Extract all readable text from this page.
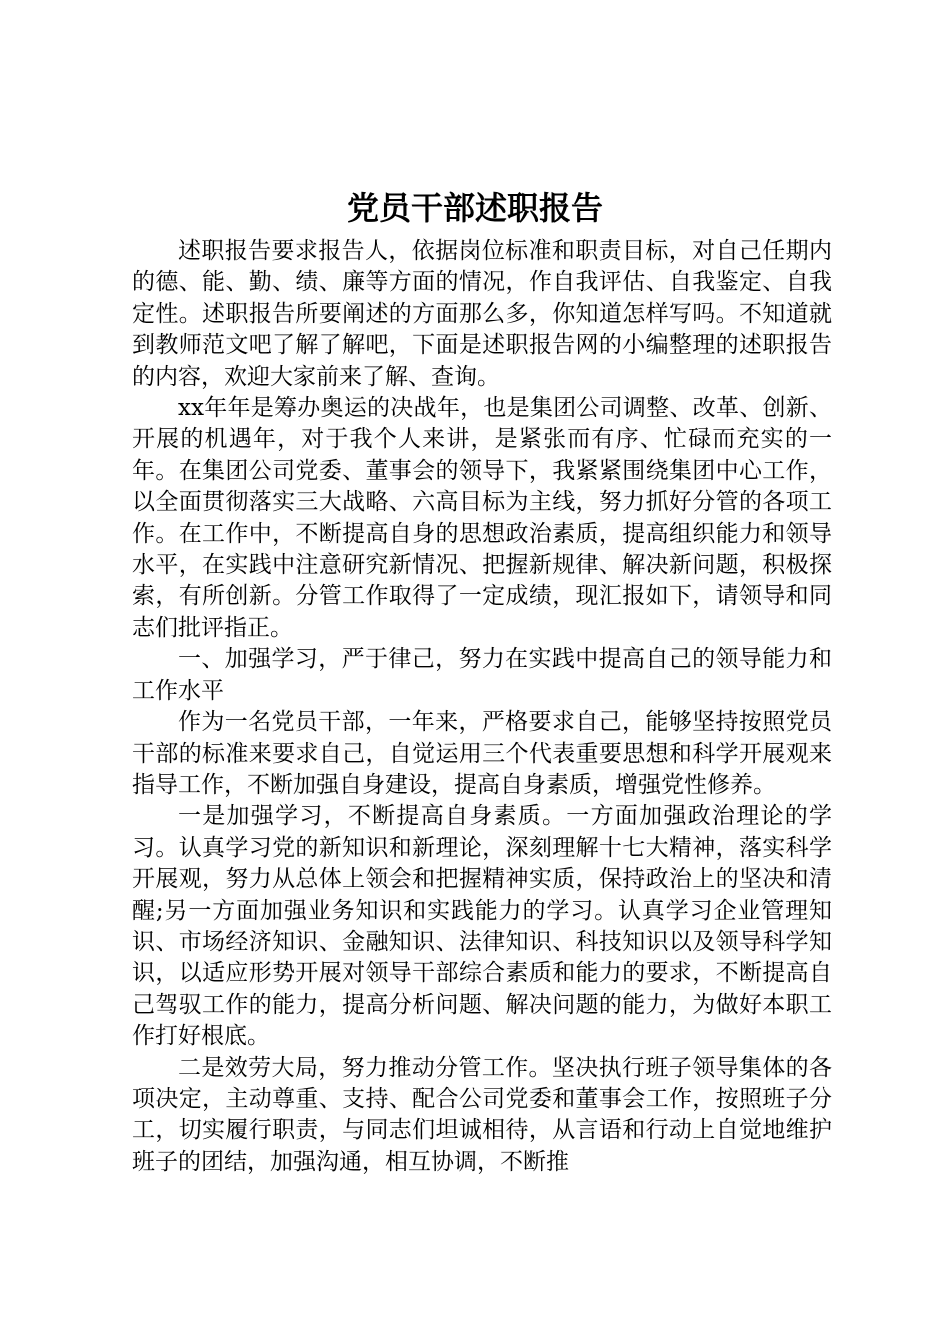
党员干部述职报告

述职报告要求报告人，依据岗位标准和职责目标，对自己任期内的德、能、勤、绩、廉等方面的情况，作自我评估、自我鉴定、自我定性。述职报告所要阐述的方面那么多，你知道怎样写吗。不知道就到教师范文吧了解了解吧，下面是述职报告网的小编整理的述职报告的内容，欢迎大家前来了解、查询。

xx年年是筹办奥运的决战年，也是集团公司调整、改革、创新、开展的机遇年，对于我个人来讲，是紧张而有序、忙碌而充实的一年。在集团公司党委、董事会的领导下，我紧紧围绕集团中心工作，以全面贯彻落实三大战略、六高目标为主线，努力抓好分管的各项工作。在工作中，不断提高自身的思想政治素质，提高组织能力和领导水平，在实践中注意研究新情况、把握新规律、解决新问题，积极探索，有所创新。分管工作取得了一定成绩，现汇报如下，请领导和同志们批评指正。

一、加强学习，严于律己，努力在实践中提高自己的领导能力和工作水平

作为一名党员干部，一年来，严格要求自己，能够坚持按照党员干部的标准来要求自己，自觉运用三个代表重要思想和科学开展观来指导工作，不断加强自身建设，提高自身素质，增强党性修养。

一是加强学习，不断提高自身素质。一方面加强政治理论的学习。认真学习党的新知识和新理论，深刻理解十七大精神，落实科学开展观，努力从总体上领会和把握精神实质，保持政治上的坚决和清醒;另一方面加强业务知识和实践能力的学习。认真学习企业管理知识、市场经济知识、金融知识、法律知识、科技知识以及领导科学知识，以适应形势开展对领导干部综合素质和能力的要求，不断提高自己驾驭工作的能力，提高分析问题、解决问题的能力，为做好本职工作打好根底。

二是效劳大局，努力推动分管工作。坚决执行班子领导集体的各项决定，主动尊重、支持、配合公司党委和董事会工作，按照班子分工，切实履行职责，与同志们坦诚相待，从言语和行动上自觉地维护班子的团结，加强沟通，相互协调，不断推
